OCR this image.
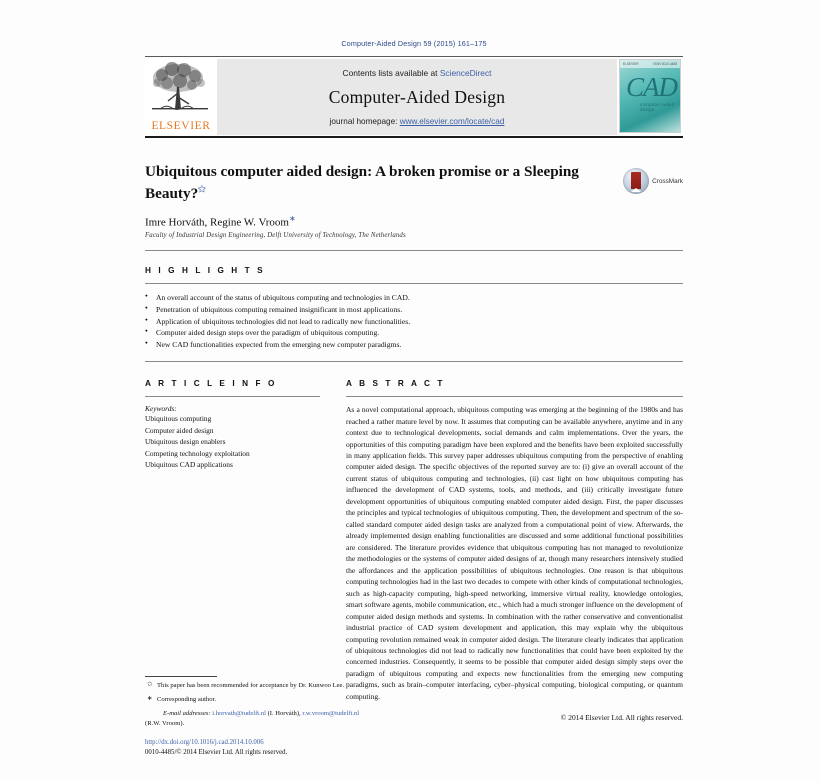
Computer-Aided Design 59 (2015) 161–175
ELSEVIER
Contents lists available at ScienceDirect
Computer-Aided Design
journal homepage: www.elsevier.com/locate/cad
ELSEVIER	ISSN 0010-4485
CAD
computer-aided design
CrossMark
Ubiquitous computer aided design: A broken promise or a Sleeping Beauty?✩
Imre Horváth, Regine W. Vroom∗
Faculty of Industrial Design Engineering, Delft University of Technology, The Netherlands
H I G H L I G H T S
● An overall account of the status of ubiquitous computing and technologies in CAD.
● Penetration of ubiquitous computing remained insignificant in most applications.
● Application of ubiquitous technologies did not lead to radically new functionalities.
● Computer aided design steps over the paradigm of ubiquitous computing.
● New CAD functionalities expected from the emerging new computer paradigms.
A R T I C L E I N F O
Keywords:
Ubiquitous computing
Computer aided design
Ubiquitous design enablers
Competing technology exploitation
Ubiquitous CAD applications
A B S T R A C T
As a novel computational approach, ubiquitous computing was emerging at the beginning of the 1980s and has reached a rather mature level by now. It assumes that computing can be available anywhere, anytime and in any context due to technological developments, social demands and calm implementations. Over the years, the opportunities of this computing paradigm have been explored and the benefits have been exploited successfully in many application fields. This survey paper addresses ubiquitous computing from the perspective of enabling computer aided design. The specific objectives of the reported survey are to: (i) give an overall account of the current status of ubiquitous computing and technologies, (ii) cast light on how ubiquitous computing has influenced the development of CAD systems, tools, and methods, and (iii) critically investigate future development opportunities of ubiquitous computing enabled computer aided design. First, the paper discusses the principles and typical technologies of ubiquitous computing. Then, the development and spectrum of the so-called standard computer aided design tasks are analyzed from a computational point of view. Afterwards, the already implemented design enabling functionalities are discussed and some additional functional possibilities are considered. The literature provides evidence that ubiquitous computing has not managed to revolutionize the methodologies or the systems of computer aided designs of ar, though many researchers intensively studied the affordances and the application possibilities of ubiquitous technologies. One reason is that ubiquitous computing technologies had in the last two decades to compete with other kinds of computational technologies, such as high-capacity computing, high-speed networking, immersive virtual reality, knowledge ontologies, smart software agents, mobile communication, etc., which had a much stronger influence on the development of computer aided design methods and systems. In combination with the rather conservative and conventionalist industrial practice of CAD system development and application, this may explain why the ubiquitous computing revolution remained weak in computer aided design. The literature clearly indicates that application of ubiquitous technologies did not lead to radically new functionalities that could have been exploited by the concerned industries. Consequently, it seems to be possible that computer aided design simply steps over the paradigm of ubiquitous computing and expects new functionalities from the emerging new computing paradigms, such as brain–computer interfacing, cyber–physical computing, biological computing, or quantum computing.
© 2014 Elsevier Ltd. All rights reserved.
✩ This paper has been recommended for acceptance by Dr. Kunwoo Lee.
∗ Corresponding author.
E-mail addresses: i.horvath@tudelft.nl (I. Horváth), r.w.vroom@tudelft.nl
(R.W. Vroom).
http://dx.doi.org/10.1016/j.cad.2014.10.006
0010-4485/© 2014 Elsevier Ltd. All rights reserved.
